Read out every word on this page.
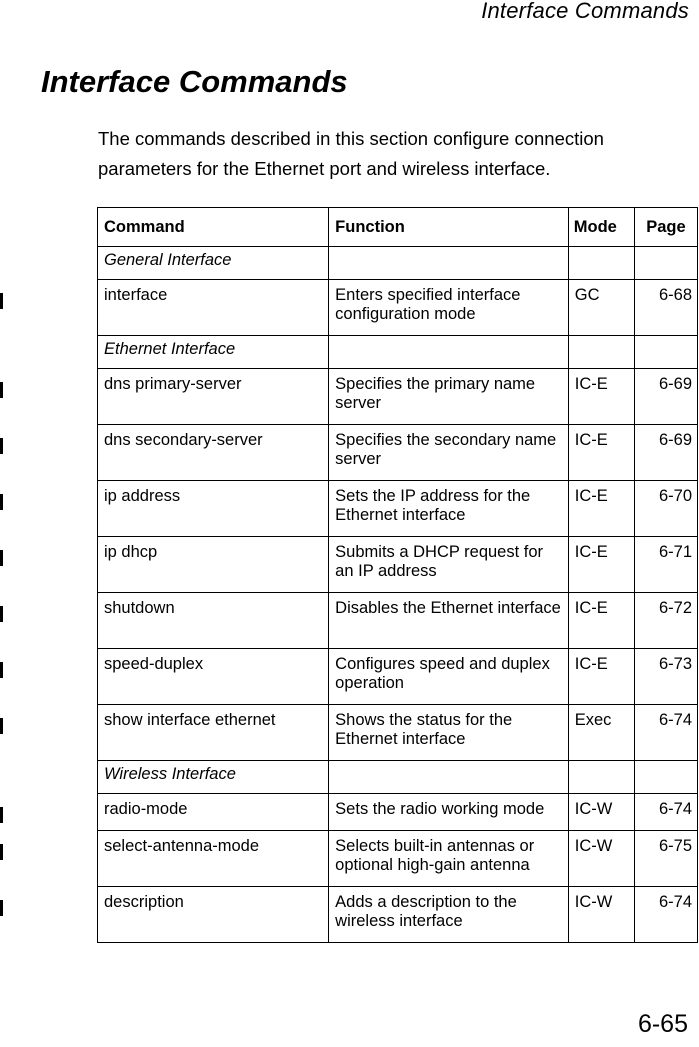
Interface Commands
Interface Commands

The commands described in this section configure connection parameters for the Ethernet port and wireless interface.

Command	Function	Mode	Page
General Interface			
interface	Enters specified interface configuration mode	GC	6-68
Ethernet Interface			
dns primary-server	Specifies the primary name server	IC-E	6-69
dns secondary-server	Specifies the secondary name server	IC-E	6-69
ip address	Sets the IP address for the Ethernet interface	IC-E	6-70
ip dhcp	Submits a DHCP request for an IP address	IC-E	6-71
shutdown	Disables the Ethernet interface	IC-E	6-72
speed-duplex	Configures speed and duplex operation	IC-E	6-73
show interface ethernet	Shows the status for the Ethernet interface	Exec	6-74
Wireless Interface			
radio-mode	Sets the radio working mode	IC-W	6-74
select-antenna-mode	Selects built-in antennas or optional high-gain antenna	IC-W	6-75
description	Adds a description to the wireless interface	IC-W	6-74
6-65
